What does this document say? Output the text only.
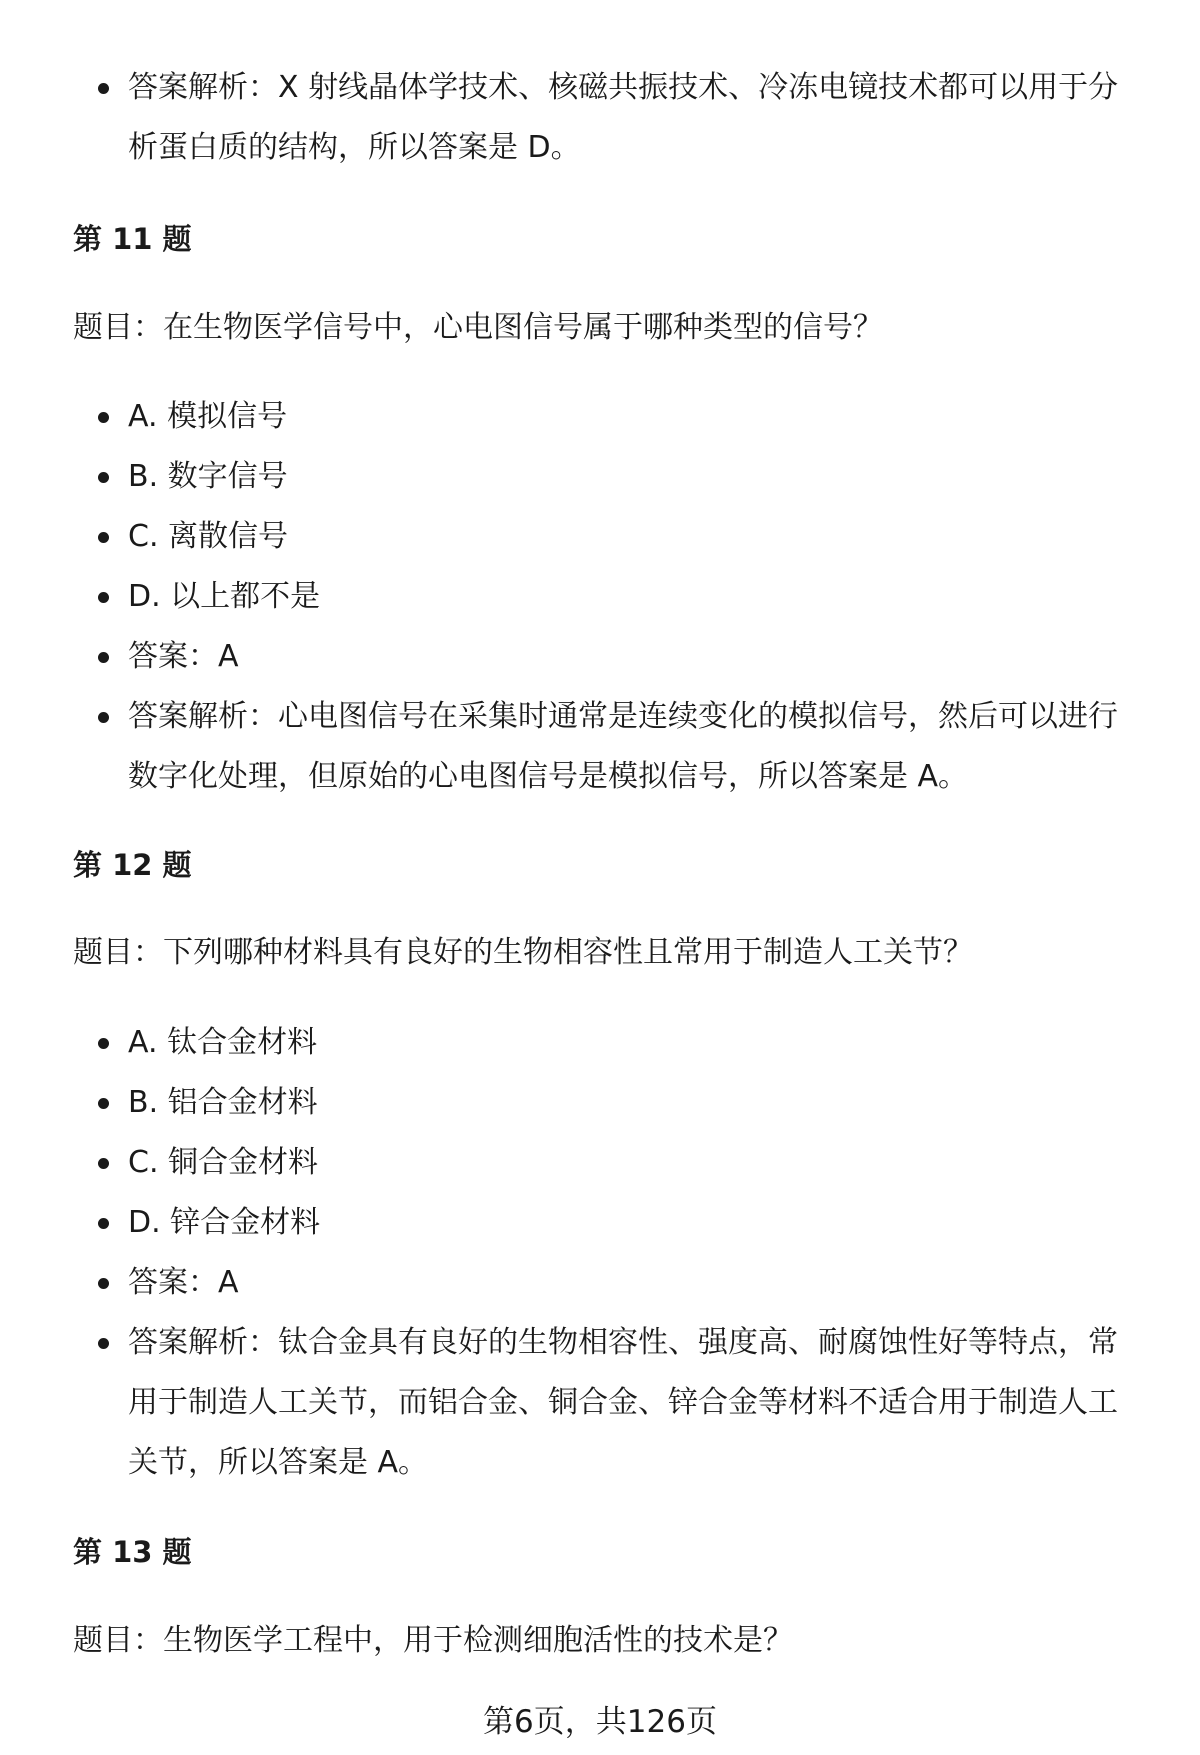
答案解析：X 射线晶体学技术、核磁共振技术、冷冻电镜技术都可以用于分析蛋白质的结构，所以答案是 D。
第 11 题

题目：在生物医学信号中，心电图信号属于哪种类型的信号？

A. 模拟信号
B. 数字信号
C. 离散信号
D. 以上都不是
答案：A
答案解析：心电图信号在采集时通常是连续变化的模拟信号，然后可以进行数字化处理，但原始的心电图信号是模拟信号，所以答案是 A。
第 12 题

题目：下列哪种材料具有良好的生物相容性且常用于制造人工关节？

A. 钛合金材料
B. 铝合金材料
C. 铜合金材料
D. 锌合金材料
答案：A
答案解析：钛合金具有良好的生物相容性、强度高、耐腐蚀性好等特点，常用于制造人工关节，而铝合金、铜合金、锌合金等材料不适合用于制造人工关节，所以答案是 A。
第 13 题

题目：生物医学工程中，用于检测细胞活性的技术是？

第6页，共126页
